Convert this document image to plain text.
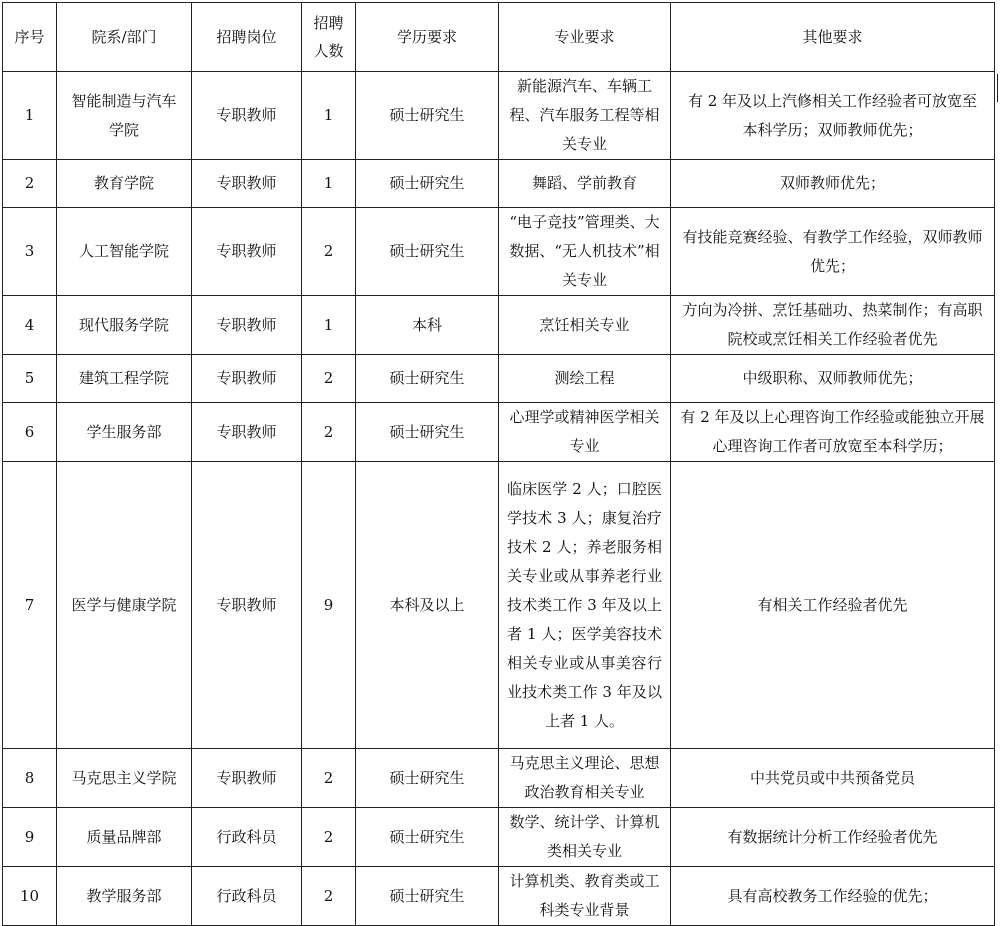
序号	院系/部门	招聘岗位	招聘人数	学历要求	专业要求	其他要求
1	智能制造与汽车学院	专职教师	1	硕士研究生	新能源汽车、车辆工程、汽车服务工程等相关专业	有 2 年及以上汽修相关工作经验者可放宽至本科学历；双师教师优先；
2	教育学院	专职教师	1	硕士研究生	舞蹈、学前教育	双师教师优先；
3	人工智能学院	专职教师	2	硕士研究生	“电子竞技”管理类、大数据、“无人机技术”相关专业	有技能竞赛经验、有教学工作经验，双师教师优先；
4	现代服务学院	专职教师	1	本科	烹饪相关专业	方向为冷拼、烹饪基础功、热菜制作；有高职院校或烹饪相关工作经验者优先
5	建筑工程学院	专职教师	2	硕士研究生	测绘工程	中级职称、双师教师优先；
6	学生服务部	专职教师	2	硕士研究生	心理学或精神医学相关专业	有 2 年及以上心理咨询工作经验或能独立开展心理咨询工作者可放宽至本科学历；
7	医学与健康学院	专职教师	9	本科及以上	临床医学 2 人；口腔医学技术 3 人；康复治疗技术 2 人；养老服务相关专业或从事养老行业技术类工作 3 年及以上者 1 人；医学美容技术相关专业或从事美容行业技术类工作 3 年及以上者 1 人。	有相关工作经验者优先
8	马克思主义学院	专职教师	2	硕士研究生	马克思主义理论、思想政治教育相关专业	中共党员或中共预备党员
9	质量品牌部	行政科员	2	硕士研究生	数学、统计学、计算机类相关专业	有数据统计分析工作经验者优先
10	教学服务部	行政科员	2	硕士研究生	计算机类、教育类或工科类专业背景	具有高校教务工作经验的优先；
